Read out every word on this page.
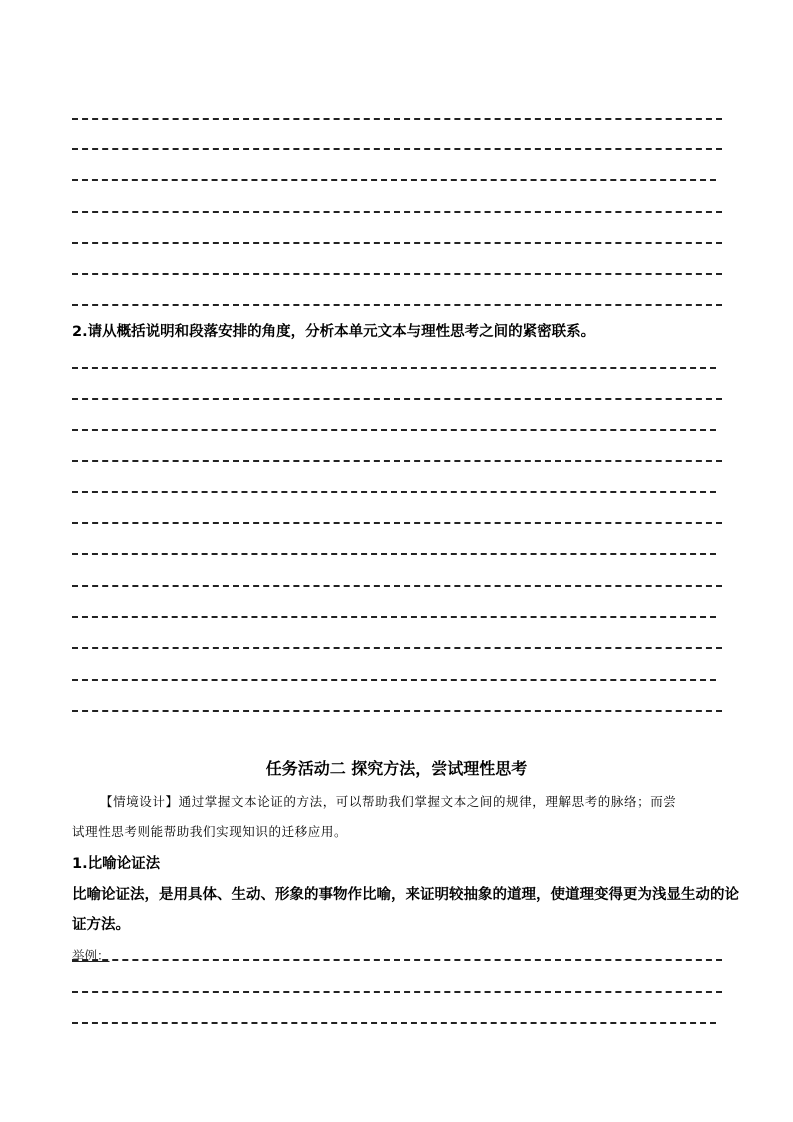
2.请从概括说明和段落安排的角度，分析本单元文本与理性思考之间的紧密联系。
任务活动二 探究方法，尝试理性思考
【情境设计】通过掌握文本论证的方法，可以帮助我们掌握文本之间的规律，理解思考的脉络；而尝
试理性思考则能帮助我们实现知识的迁移应用。
1.比喻论证法
比喻论证法，是用具体、生动、形象的事物作比喻，来证明较抽象的道理，使道理变得更为浅显生动的论
证方法。
举例：
